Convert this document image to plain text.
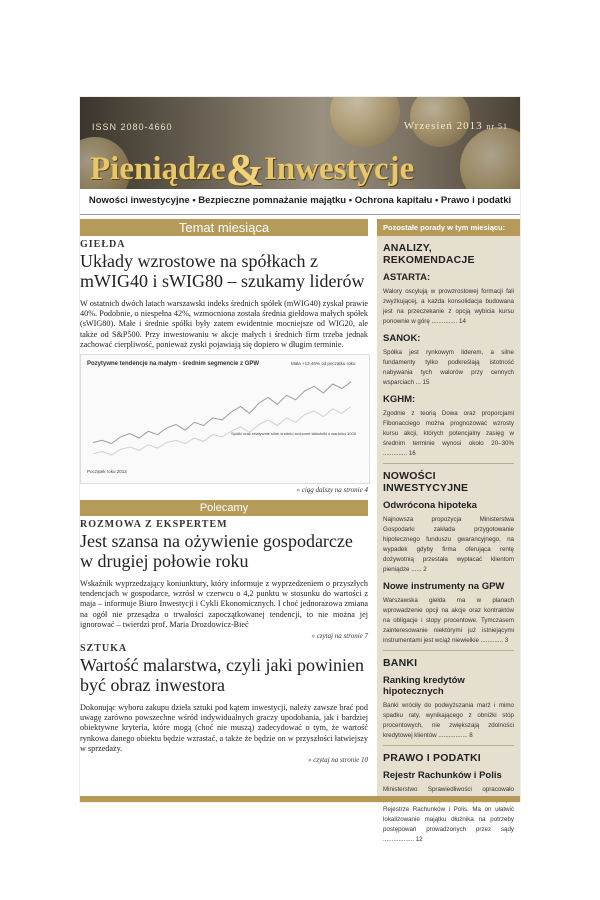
ISSN 2080-4660	Wrzesień 2013 nr 51
Pieniądze&Inwestycje
Nowości inwestycyjne • Bezpieczne pomnażanie majątku • Ochrona kapitału • Prawo i podatki
Temat miesiąca
GIEŁDA
Układy wzrostowe na spółkach z mWIG40 i sWIG80 – szukamy liderów
W ostatnich dwóch latach warszawski indeks średnich spółek (mWIG40) zyskał prawie 40%. Podobnie, o niespełna 42%, wzmocniona została średnia giełdowa małych spółek (sWIG80). Małe i średnie spółki były zatem ewidentnie mocniejsze od WIG20, ale także od S&P500. Przy inwestowaniu w akcje małych i średnich firm trzeba jednak zachować cierpliwość, ponieważ zyski pojawiają się dopiero w długim terminie.
Pozytywne tendencje na małym - średnim segmencie z GPW	Mała +13.46% od początku roku
Spółki oraz relatywnie silne średnio-ruchome składniki o wartości 1000
Początek roku 2013
» ciąg dalszy na stronie 4
Polecamy
ROZMOWA Z EKSPERTEM
Jest szansa na ożywienie gospodarcze w drugiej połowie roku
Wskaźnik wyprzedzający koniunktury, który informuje z wyprzedzeniem o przyszłych tendencjach w gospodarce, wzrósł w czerwcu o 4,2 punktu w stosunku do wartości z maja – informuje Biuro Inwestycji i Cykli Ekonomicznych. I choć jednorazowa zmiana na ogół nie przesądza o trwałości zapoczątkowanej tendencji, to nie można jej ignorować – twierdzi prof. Maria Drozdowicz-Bieć
» czytaj na stronie 7
SZTUKA
Wartość malarstwa, czyli jaki powinien być obraz inwestora
Dokonując wyboru zakupu dzieła sztuki pod kątem inwestycji, należy zawsze brać pod uwagę zarówno powszechne wśród indywidualnych graczy upodobania, jak i bardziej obiektywne kryteria, które mogą (choć nie muszą) zadecydować o tym, że wartość rynkowa danego obiektu będzie wzrastać, a także że będzie on w przyszłości łatwiejszy w sprzedaży.
» czytaj na stronie 10
Pozostałe porady w tym miesiącu:
ANALIZY, REKOMENDACJE
ASTARTA:
Walory oscylują w prowzrostowej formacji fali zwyżkującej, a każda konsolidacja budowana jest na przeczekanie z opcją wybicia kursu ponownie w górę ............... 14
SANOK:
Spółka jest rynkowym liderem, a silne fundamenty tylko podkreślają istotność nabywania tych walorów przy cennych wsparciach ... 15
KGHM:
Zgodnie z teorią Dowa oraz proporcjami Fibonacciego można prognozować wzrosty kursu akcji, których potencjalny zasięg w średnim terminie wynosi około 20–30% .............. 16
NOWOŚCI INWESTYCYJNE
Odwrócona hipoteka
Najnowsza propozycja Ministerstwa Gospodarki zakłada przygotowanie hipotecznego funduszu gwarancyjnego, na wypadek gdyby firma oferująca rentę dożywotnią przestała wypłacać klientom pieniądze ...... 2
Nowe instrumenty na GPW
Warszawska giełda ma w planach wprowadzenie opcji na akcje oraz kontraktów na obligacje i stopy procentowe. Tymczasem zainteresowanie niektórymi już istniejącymi instrumentami jest wciąż niewielkie ............. 3
BANKI
Ranking kredytów hipotecznych
Banki wróciły do podwyższania marż i mimo spadku raty, wynikającego z obniżki stóp procentowych, nie zwiększają zdolności kredytowej klientów ................. 8
PRAWO I PODATKI
Rejestr Rachunków i Polis
Ministerstwo Sprawiedliwości opracowało Rejestrze Rachunków i Polis. Ma on ułatwić lokalizowanie majątku dłużnika na potrzeby postępowań prowadzonych przez sądy .................. 12
